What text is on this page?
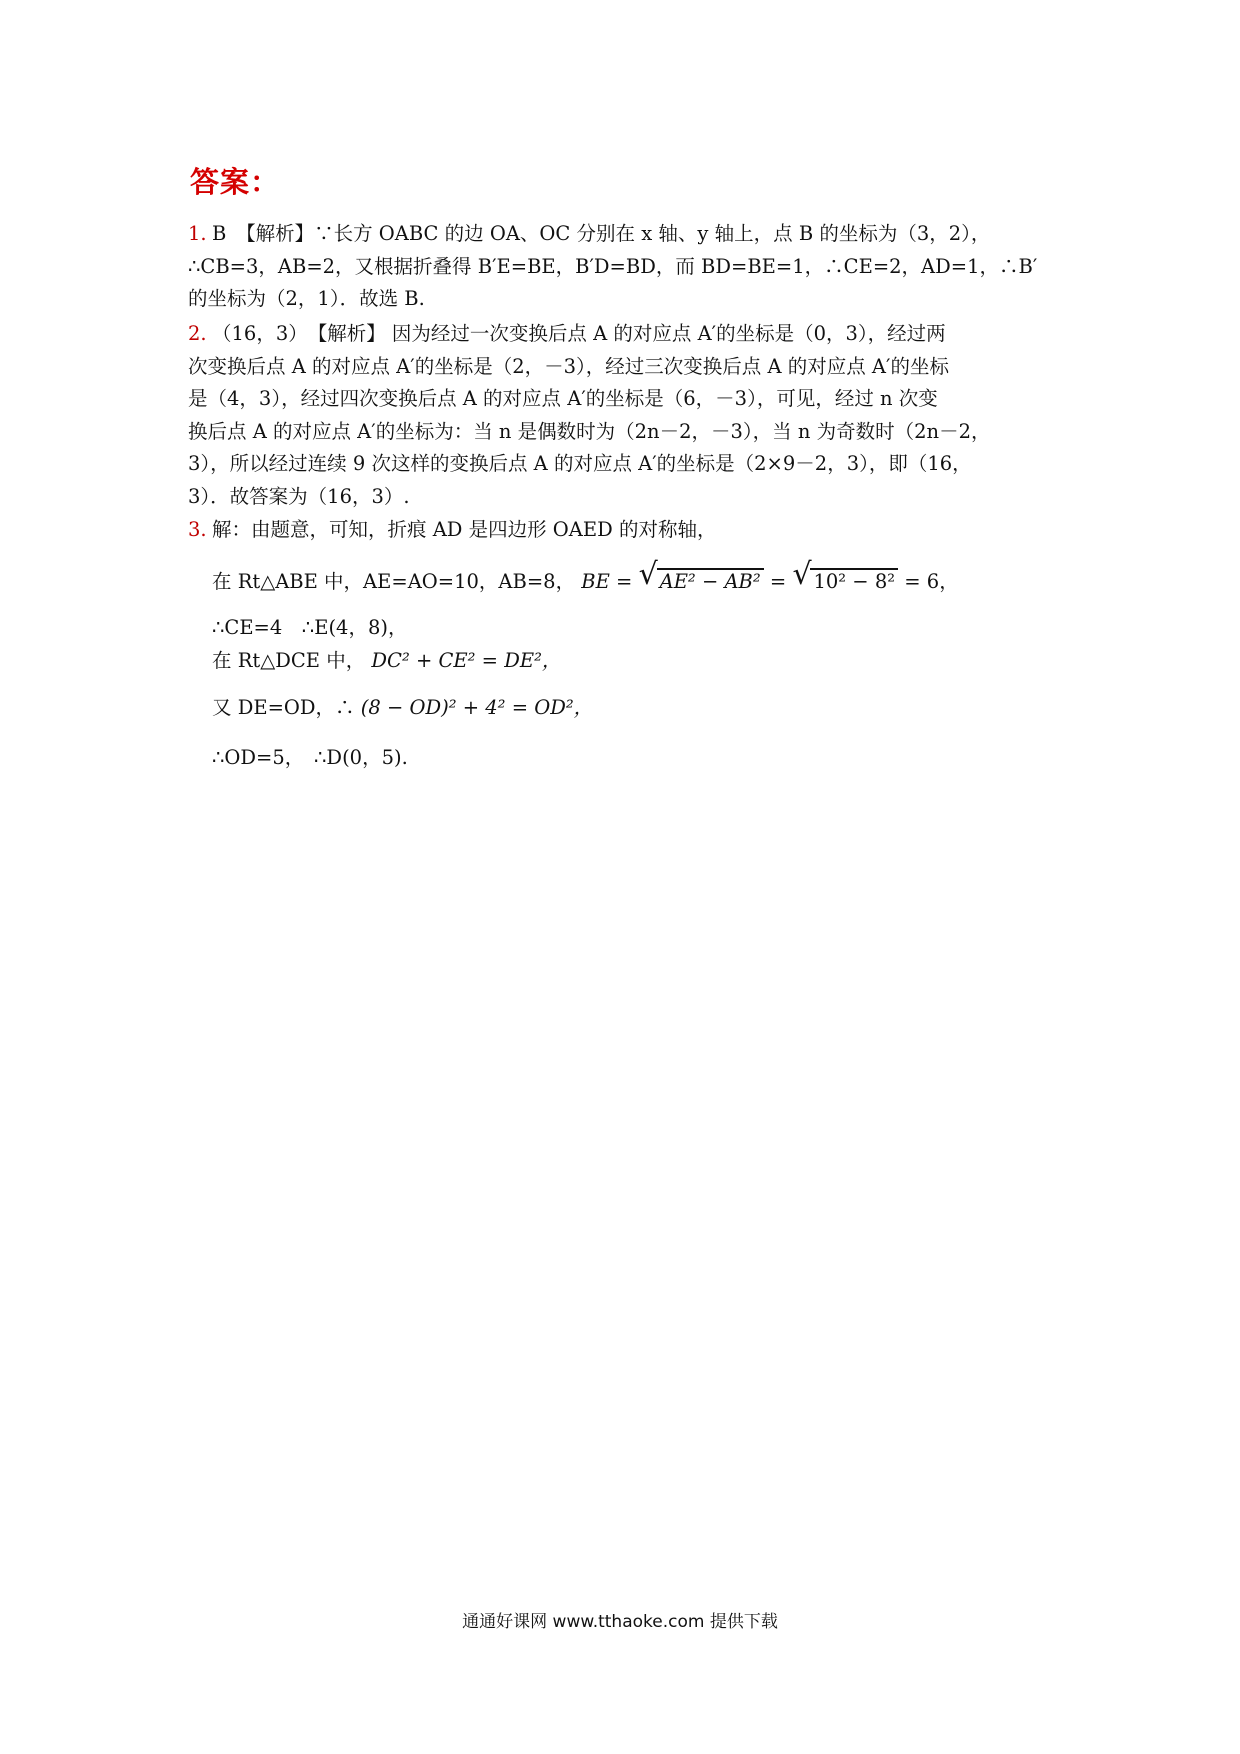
答案：
1. B　【解析】∵长方 OABC 的边 OA、OC 分别在 x 轴、y 轴上，点 B 的坐标为（3，2），
∴CB=3，AB=2，又根据折叠得 B′E=BE，B′D=BD，而 BD=BE=1，∴CE=2，AD=1，∴B′
的坐标为（2，1）．故选 B.
2. （16，3）　【解析】 因为经过一次变换后点 A 的对应点 A′的坐标是（0，3），经过两
次变换后点 A 的对应点 A′的坐标是（2，－3），经过三次变换后点 A 的对应点 A′的坐标
是（4，3），经过四次变换后点 A 的对应点 A′的坐标是（6，－3），可见，经过 n 次变
换后点 A 的对应点 A′的坐标为：当 n 是偶数时为（2n－2，－3），当 n 为奇数时（2n－2，
3），所以经过连续 9 次这样的变换后点 A 的对应点 A′的坐标是（2×9－2，3），即（16，
3）．故答案为（16，3）.
3. 解：由题意，可知，折痕 AD 是四边形 OAED 的对称轴，
在 Rt△ABE 中，AE=AO=10，AB=8， BE = √ AE² − AB² = √ 10² − 8² = 6，
∴CE=4　∴E(4，8)，
在 Rt△DCE 中， DC² + CE² = DE²，
又 DE=OD，∴ (8 − OD)² + 4² = OD²，
∴OD=5，　∴D(0，5).
通通好课网 www.tthaoke.com 提供下载
